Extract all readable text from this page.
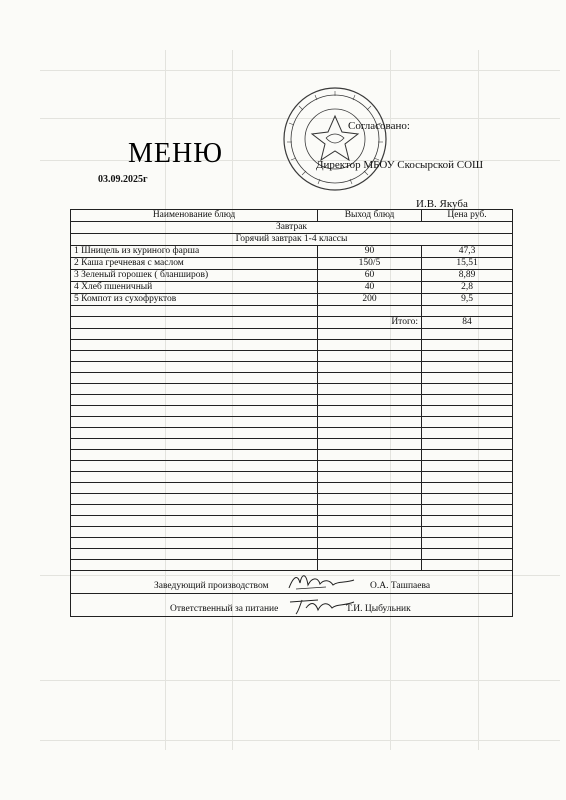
Согласовано:

Директор МБОУ Скосырской СОШ

И.В. Якуба

МЕНЮ
03.09.2025г
Наименование блюд	Выход блюд	Цена руб.
Завтрак		
Горячий завтрак 1-4 классы		
1 Шницель из куриного фарша	90	47,3
2 Каша гречневая с маслом	150/5	15,51
3 Зеленый горошек ( бланширов)	60	8,89
4 Хлеб пшеничный	40	2,8
5 Компот из сухофруктов	200	9,5

	Итого:	84

Заведующий производством О.А. Ташпаева		

Ответственный за питание Т.И. Цыбульник		
